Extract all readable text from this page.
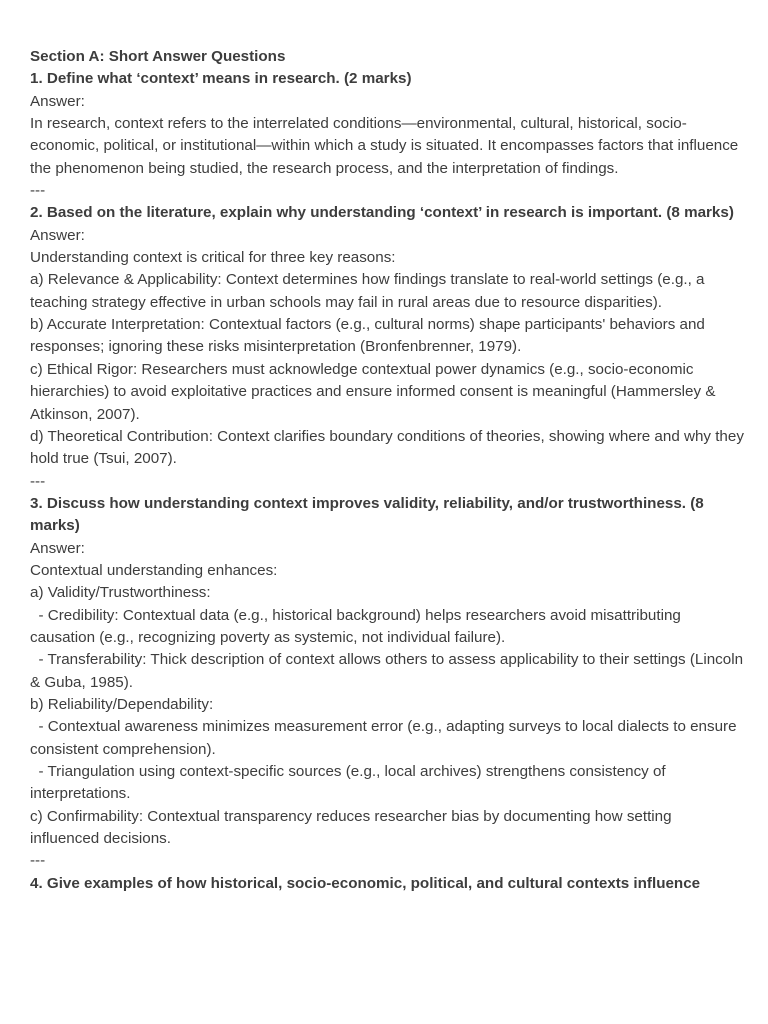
Section A: Short Answer Questions

1. Define what ‘context’ means in research. (2 marks)

Answer:

In research, context refers to the interrelated conditions—environmental, cultural, historical, socio-economic, political, or institutional—within which a study is situated. It encompasses factors that influence the phenomenon being studied, the research process, and the interpretation of findings.

---

2. Based on the literature, explain why understanding ‘context’ in research is important. (8 marks)

Answer:

Understanding context is critical for three key reasons:

a) Relevance & Applicability: Context determines how findings translate to real-world settings (e.g., a teaching strategy effective in urban schools may fail in rural areas due to resource disparities).

b) Accurate Interpretation: Contextual factors (e.g., cultural norms) shape participants' behaviors and responses; ignoring these risks misinterpretation (Bronfenbrenner, 1979).

c) Ethical Rigor: Researchers must acknowledge contextual power dynamics (e.g., socio-economic hierarchies) to avoid exploitative practices and ensure informed consent is meaningful (Hammersley & Atkinson, 2007).

d) Theoretical Contribution: Context clarifies boundary conditions of theories, showing where and why they hold true (Tsui, 2007).

---

3. Discuss how understanding context improves validity, reliability, and/or trustworthiness. (8 marks)

Answer:

Contextual understanding enhances:

a) Validity/Trustworthiness:

- Credibility: Contextual data (e.g., historical background) helps researchers avoid misattributing causation (e.g., recognizing poverty as systemic, not individual failure).

- Transferability: Thick description of context allows others to assess applicability to their settings (Lincoln & Guba, 1985).

b) Reliability/Dependability:

- Contextual awareness minimizes measurement error (e.g., adapting surveys to local dialects to ensure consistent comprehension).

- Triangulation using context-specific sources (e.g., local archives) strengthens consistency of interpretations.

c) Confirmability: Contextual transparency reduces researcher bias by documenting how setting influenced decisions.

---

4. Give examples of how historical, socio-economic, political, and cultural contexts influence
